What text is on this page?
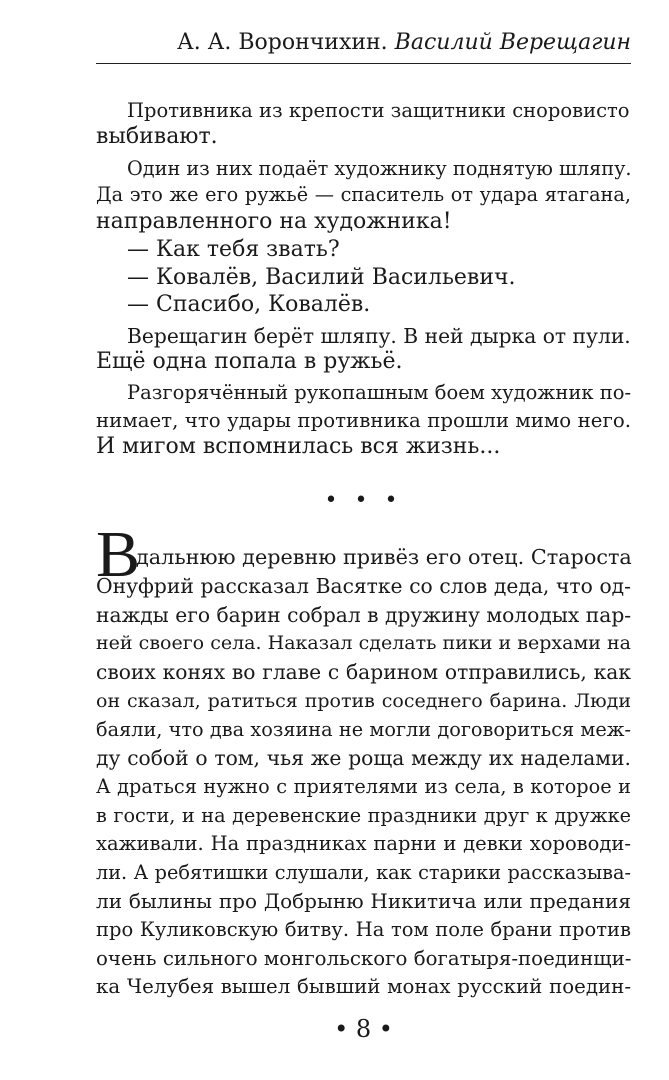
А. А. Ворончихин. Василий Верещагин
Противника из крепости защитники сноровисто
выбивают.
Один из них подаёт художнику поднятую шляпу.
Да это же его ружьё — спаситель от удара ятагана,
направленного на художника!
— Как тебя звать?
— Ковалёв, Василий Васильевич.
— Спасибо, Ковалёв.
Верещагин берёт шляпу. В ней дырка от пули.
Ещё одна попала в ружьё.
Разгорячённый рукопашным боем художник по-
нимает, что удары противника прошли мимо него.
И мигом вспомнилась вся жизнь...
• • •
В
дальнюю деревню привёз его отец. Староста
Онуфрий рассказал Васятке со слов деда, что од-
нажды его барин собрал в дружину молодых пар-
ней своего села. Наказал сделать пики и верхами на
своих конях во главе с барином отправились, как
он сказал, ратиться против соседнего барина. Люди
баяли, что два хозяина не могли договориться меж-
ду собой о том, чья же роща между их наделами.
А драться нужно с приятелями из села, в которое и
в гости, и на деревенские праздники друг к дружке
хаживали. На праздниках парни и девки хороводи-
ли. А ребятишки слушали, как старики рассказыва-
ли былины про Добрыню Никитича или предания
про Куликовскую битву. На том поле брани против
очень сильного монгольского богатыря-поединщи-
ка Челубея вышел бывший монах русский поедин-
• 8 •
